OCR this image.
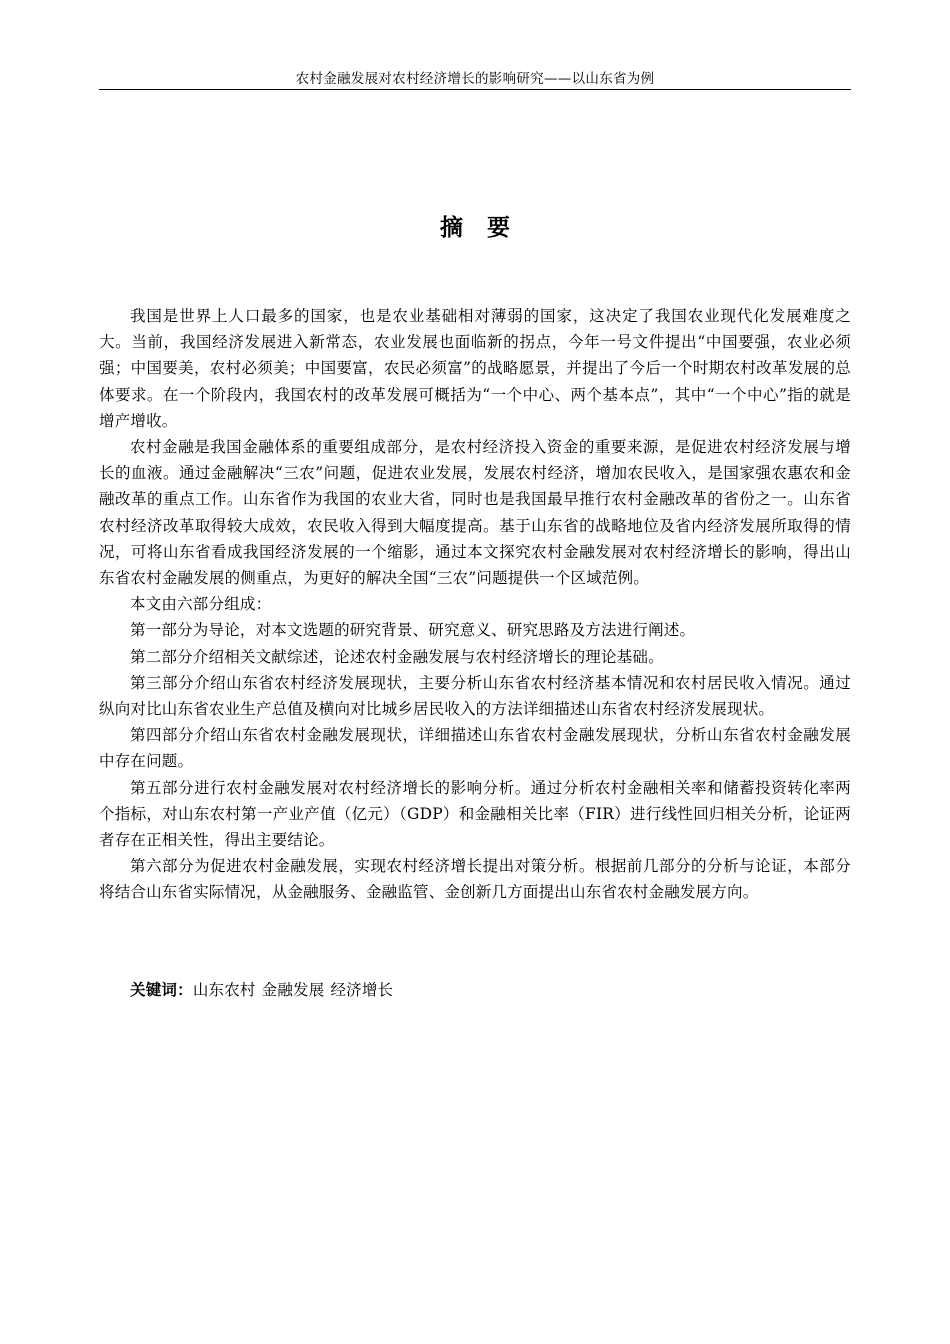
农村金融发展对农村经济增长的影响研究——以山东省为例
摘 要

我国是世界上人口最多的国家，也是农业基础相对薄弱的国家，这决定了我国农业现代化发展难度之大。当前，我国经济发展进入新常态，农业发展也面临新的拐点，今年一号文件提出“中国要强，农业必须强；中国要美，农村必须美；中国要富，农民必须富”的战略愿景，并提出了今后一个时期农村改革发展的总体要求。在一个阶段内，我国农村的改革发展可概括为“一个中心、两个基本点”，其中“一个中心”指的就是增产增收。

农村金融是我国金融体系的重要组成部分，是农村经济投入资金的重要来源，是促进农村经济发展与增长的血液。通过金融解决“三农”问题，促进农业发展，发展农村经济，增加农民收入，是国家强农惠农和金融改革的重点工作。山东省作为我国的农业大省，同时也是我国最早推行农村金融改革的省份之一。山东省农村经济改革取得较大成效，农民收入得到大幅度提高。基于山东省的战略地位及省内经济发展所取得的情况，可将山东省看成我国经济发展的一个缩影，通过本文探究农村金融发展对农村经济增长的影响，得出山东省农村金融发展的侧重点，为更好的解决全国“三农”问题提供一个区域范例。

本文由六部分组成：

第一部分为导论，对本文选题的研究背景、研究意义、研究思路及方法进行阐述。

第二部分介绍相关文献综述，论述农村金融发展与农村经济增长的理论基础。

第三部分介绍山东省农村经济发展现状，主要分析山东省农村经济基本情况和农村居民收入情况。通过纵向对比山东省农业生产总值及横向对比城乡居民收入的方法详细描述山东省农村经济发展现状。

第四部分介绍山东省农村金融发展现状，详细描述山东省农村金融发展现状，分析山东省农村金融发展中存在问题。

第五部分进行农村金融发展对农村经济增长的影响分析。通过分析农村金融相关率和储蓄投资转化率两个指标，对山东农村第一产业产值（亿元）（GDP）和金融相关比率（FIR）进行线性回归相关分析，论证两者存在正相关性，得出主要结论。

第六部分为促进农村金融发展，实现农村经济增长提出对策分析。根据前几部分的分析与论证，本部分将结合山东省实际情况，从金融服务、金融监管、金创新几方面提出山东省农村金融发展方向。

关键词：山东农村 金融发展 经济增长
